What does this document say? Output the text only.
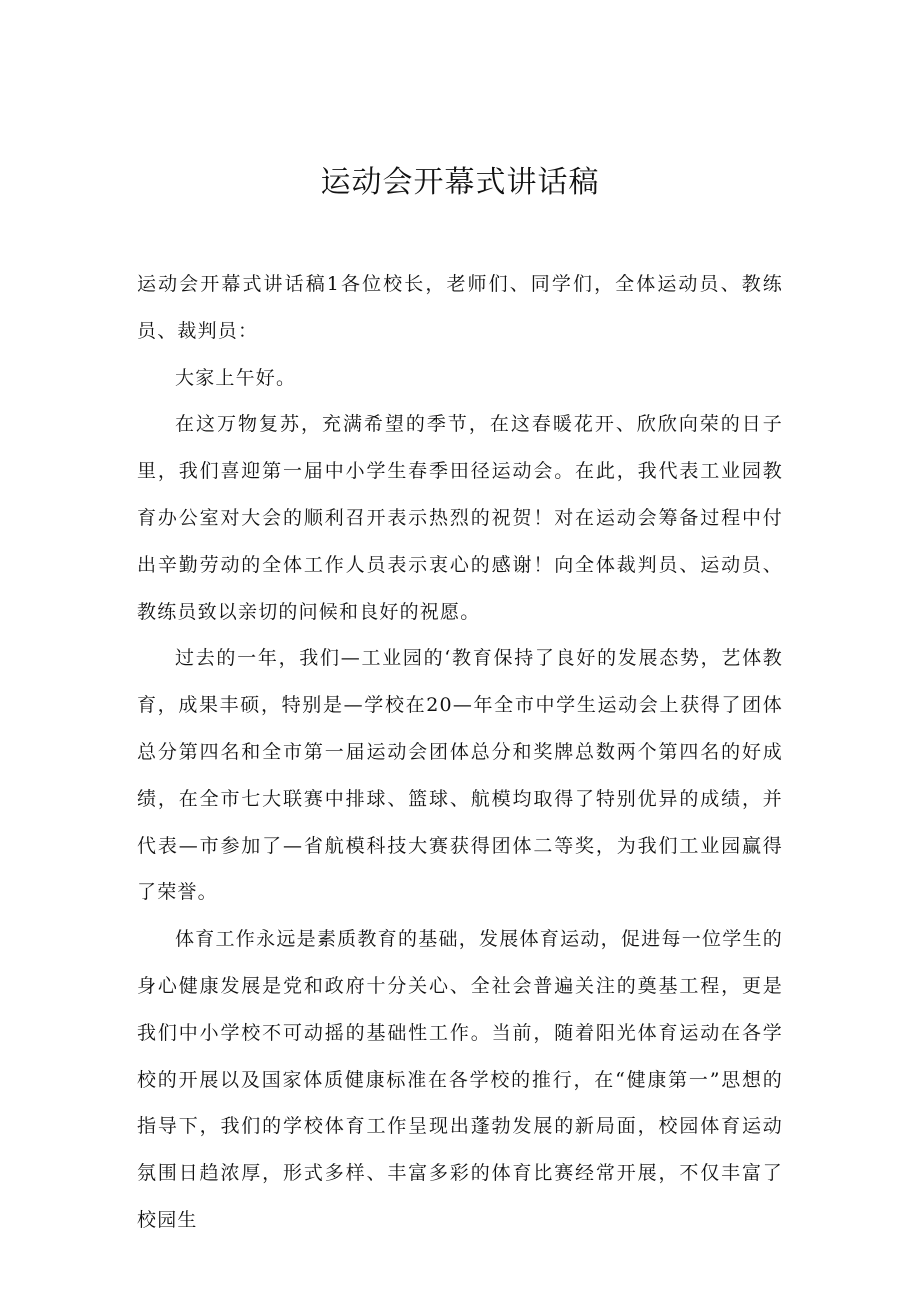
运动会开幕式讲话稿

运动会开幕式讲话稿1各位校长，老师们、同学们，全体运动员、教练员、裁判员：

大家上午好。

在这万物复苏，充满希望的季节，在这春暖花开、欣欣向荣的日子里，我们喜迎第一届中小学生春季田径运动会。在此，我代表工业园教育办公室对大会的顺利召开表示热烈的祝贺！对在运动会筹备过程中付出辛勤劳动的全体工作人员表示衷心的感谢！向全体裁判员、运动员、教练员致以亲切的问候和良好的祝愿。

过去的一年，我们—工业园的‘教育保持了良好的发展态势，艺体教育，成果丰硕，特别是—学校在20—年全市中学生运动会上获得了团体总分第四名和全市第一届运动会团体总分和奖牌总数两个第四名的好成绩，在全市七大联赛中排球、篮球、航模均取得了特别优异的成绩，并代表—市参加了—省航模科技大赛获得团体二等奖，为我们工业园赢得了荣誉。

体育工作永远是素质教育的基础，发展体育运动，促进每一位学生的身心健康发展是党和政府十分关心、全社会普遍关注的奠基工程，更是我们中小学校不可动摇的基础性工作。当前，随着阳光体育运动在各学校的开展以及国家体质健康标准在各学校的推行，在“健康第一”思想的指导下，我们的学校体育工作呈现出蓬勃发展的新局面，校园体育运动氛围日趋浓厚，形式多样、丰富多彩的体育比赛经常开展，不仅丰富了校园生
